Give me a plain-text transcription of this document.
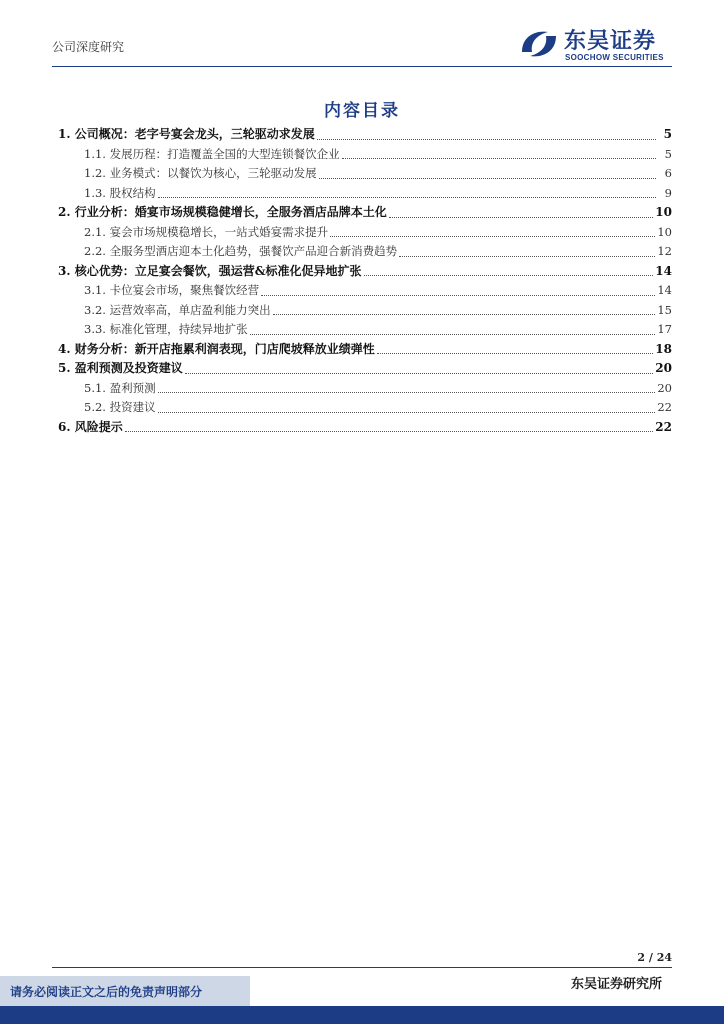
公司深度研究	东吴证券
SOOCHOW SECURITIES
内容目录
1. 公司概况：老字号宴会龙头，三轮驱动求发展	5
1.1. 发展历程：打造覆盖全国的大型连锁餐饮企业	5
1.2. 业务模式：以餐饮为核心，三轮驱动发展	6
1.3. 股权结构	9
2. 行业分析：婚宴市场规模稳健增长，全服务酒店品牌本土化	10
2.1. 宴会市场规模稳增长，一站式婚宴需求提升	10
2.2. 全服务型酒店迎本土化趋势，强餐饮产品迎合新消费趋势	12
3. 核心优势：立足宴会餐饮，强运营&标准化促异地扩张	14
3.1. 卡位宴会市场，聚焦餐饮经营	14
3.2. 运营效率高，单店盈利能力突出	15
3.3. 标准化管理，持续异地扩张	17
4. 财务分析：新开店拖累利润表现，门店爬坡释放业绩弹性	18
5. 盈利预测及投资建议	20
5.1. 盈利预测	20
5.2. 投资建议	22
6. 风险提示	22
2 / 24
东吴证券研究所
请务必阅读正文之后的免责声明部分
